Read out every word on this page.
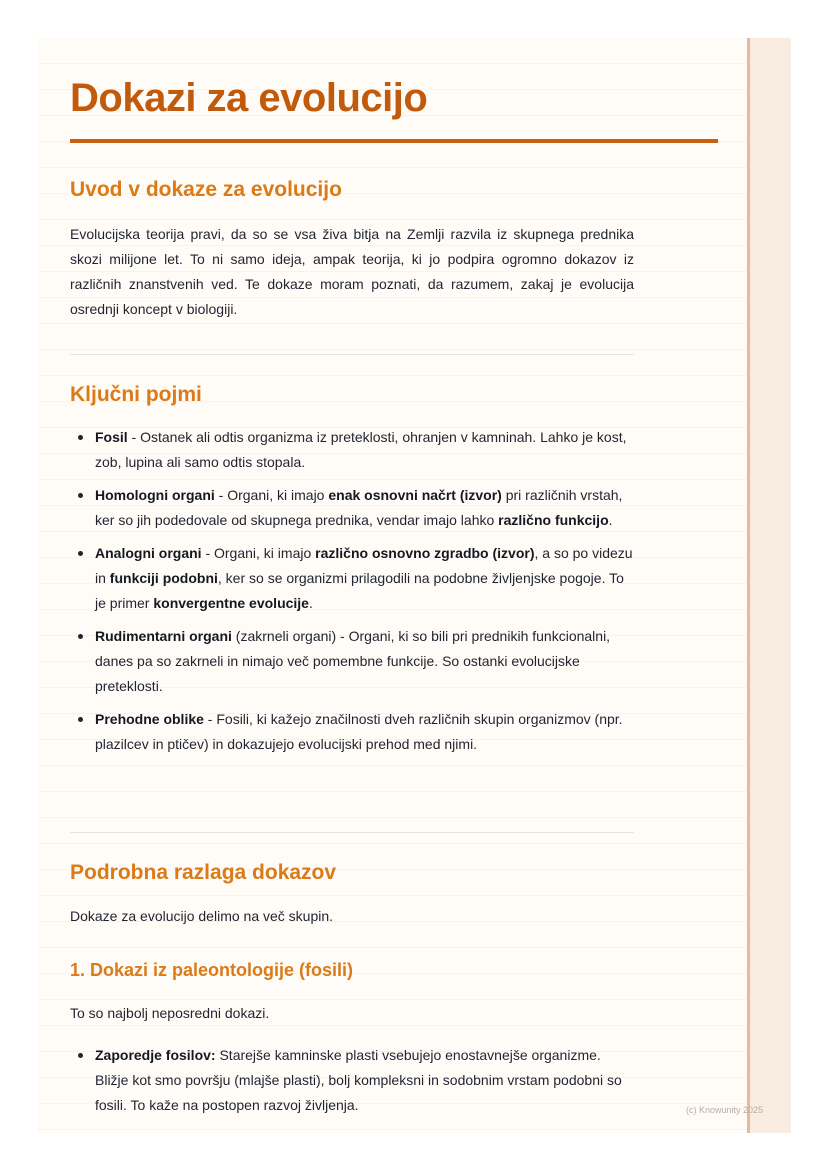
(c) Knowunity 2025
Dokazi za evolucijo
Uvod v dokaze za evolucijo

Evolucijska teorija pravi, da so se vsa živa bitja na Zemlji razvila iz skupnega prednika skozi milijone let. To ni samo ideja, ampak teorija, ki jo podpira ogromno dokazov iz različnih znanstvenih ved. Te dokaze moram poznati, da razumem, zakaj je evolucija osrednji koncept v biologiji.

Ključni pojmi
Fosil - Ostanek ali odtis organizma iz preteklosti, ohranjen v kamninah. Lahko je kost, zob, lupina ali samo odtis stopala.
Homologni organi - Organi, ki imajo enak osnovni načrt (izvor) pri različnih vrstah, ker so jih podedovale od skupnega prednika, vendar imajo lahko različno funkcijo.
Analogni organi - Organi, ki imajo različno osnovno zgradbo (izvor), a so po videzu in funkciji podobni, ker so se organizmi prilagodili na podobne življenjske pogoje. To je primer konvergentne evolucije.
Rudimentarni organi (zakrneli organi) - Organi, ki so bili pri prednikih funkcionalni, danes pa so zakrneli in nimajo več pomembne funkcije. So ostanki evolucijske preteklosti.
Prehodne oblike - Fosili, ki kažejo značilnosti dveh različnih skupin organizmov (npr. plazilcev in ptičev) in dokazujejo evolucijski prehod med njimi.
Podrobna razlaga dokazov

Dokaze za evolucijo delimo na več skupin.

1. Dokazi iz paleontologije (fosili)

To so najbolj neposredni dokazi.

Zaporedje fosilov: Starejše kamninske plasti vsebujejo enostavnejše organizme. Bližje kot smo površju (mlajše plasti), bolj kompleksni in sodobnim vrstam podobni so fosili. To kaže na postopen razvoj življenja.
